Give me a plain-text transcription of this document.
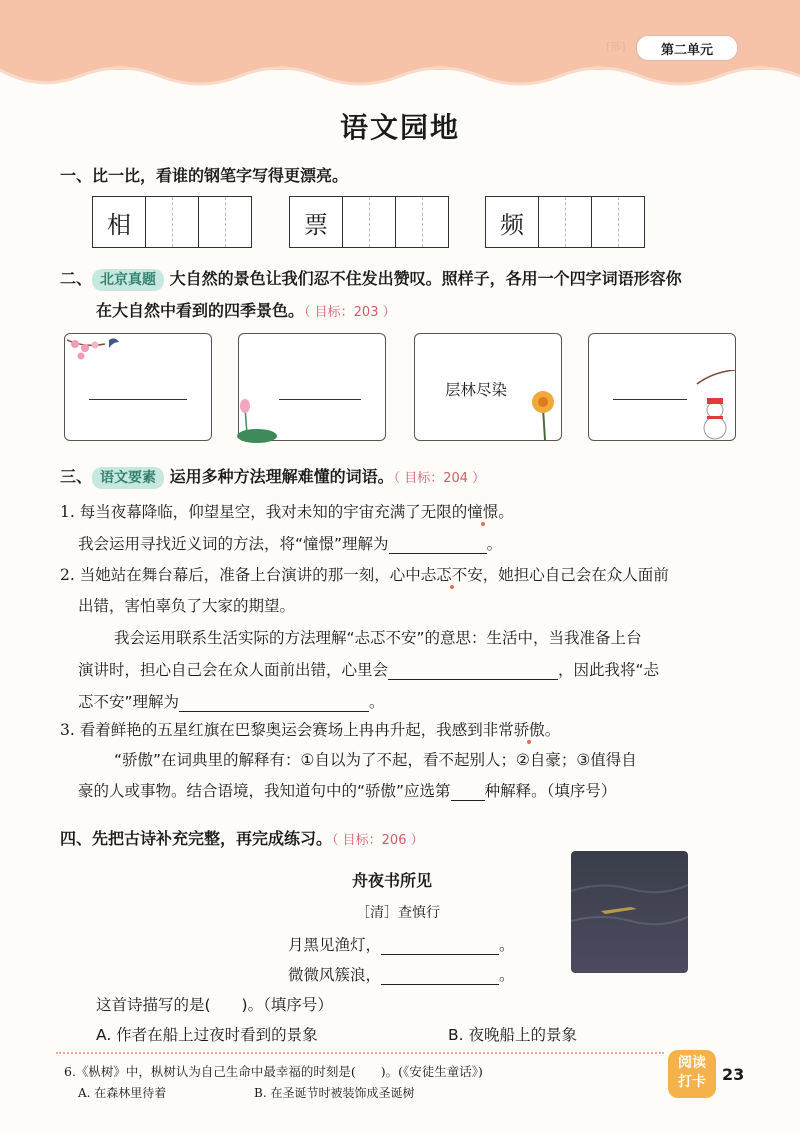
[部]	第二单元
语文园地
一、比一比，看谁的钢笔字写得更漂亮。
相	票	频
二、 北京真题 大自然的景色让我们忍不住发出赞叹。照样子，各用一个四字词语形容你
在大自然中看到的四季景色。（ 目标：203 ）
层林尽染
三、 语文要素 运用多种方法理解难懂的词语。（ 目标：204 ）
1. 每当夜幕降临，仰望星空，我对未知的宇宙充满了无限的憧憬。
我会运用寻找近义词的方法，将“憧憬”理解为	。
2. 当她站在舞台幕后，准备上台演讲的那一刻，心中忐忑不安，她担心自己会在众人面前
出错，害怕辜负了大家的期望。
我会运用联系生活实际的方法理解“忐忑不安”的意思：生活中，当我准备上台
演讲时，担心自己会在众人面前出错，心里会	，因此我将“忐
忑不安”理解为	。
3. 看着鲜艳的五星红旗在巴黎奥运会赛场上冉冉升起，我感到非常骄傲。
“骄傲”在词典里的解释有：①自以为了不起，看不起别人；②自豪；③值得自
豪的人或事物。结合语境，我知道句中的“骄傲”应选第 种解释。（填序号）
四、先把古诗补充完整，再完成练习。（ 目标：206 ）
舟夜书所见
［清］查慎行
月黑见渔灯，	。
微微风簇浪，	。
这首诗描写的是(　　)。（填序号）
A. 作者在船上过夜时看到的景象	B. 夜晚船上的景象
6.《枞树》中，枞树认为自己生命中最幸福的时刻是(　　)。(《安徒生童话》)
A. 在森林里待着	B. 在圣诞节时被装饰成圣诞树
阅读
打卡	23
